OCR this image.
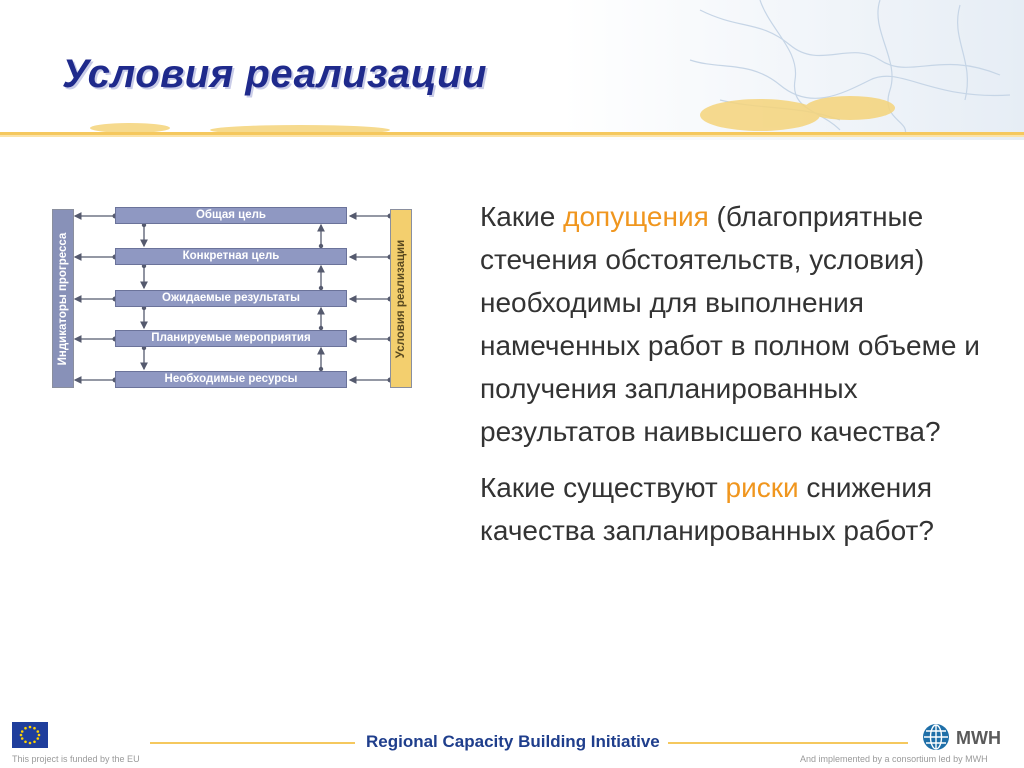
Условия реализации
Индикаторы прогресса	Условия реализации
Общая цель
Конкретная цель
Ожидаемые результаты
Планируемые мероприятия
Необходимые ресурсы

Какие допущения (благоприятные стечения обстоятельств, условия) необходимы для выполнения намеченных работ в полном объеме и получения запланированных результатов наивысшего качества?

Какие существуют риски снижения качества запланированных работ?

This project is funded by the EU
Regional Capacity Building Initiative	MWH
And implemented by a consortium led by MWH
